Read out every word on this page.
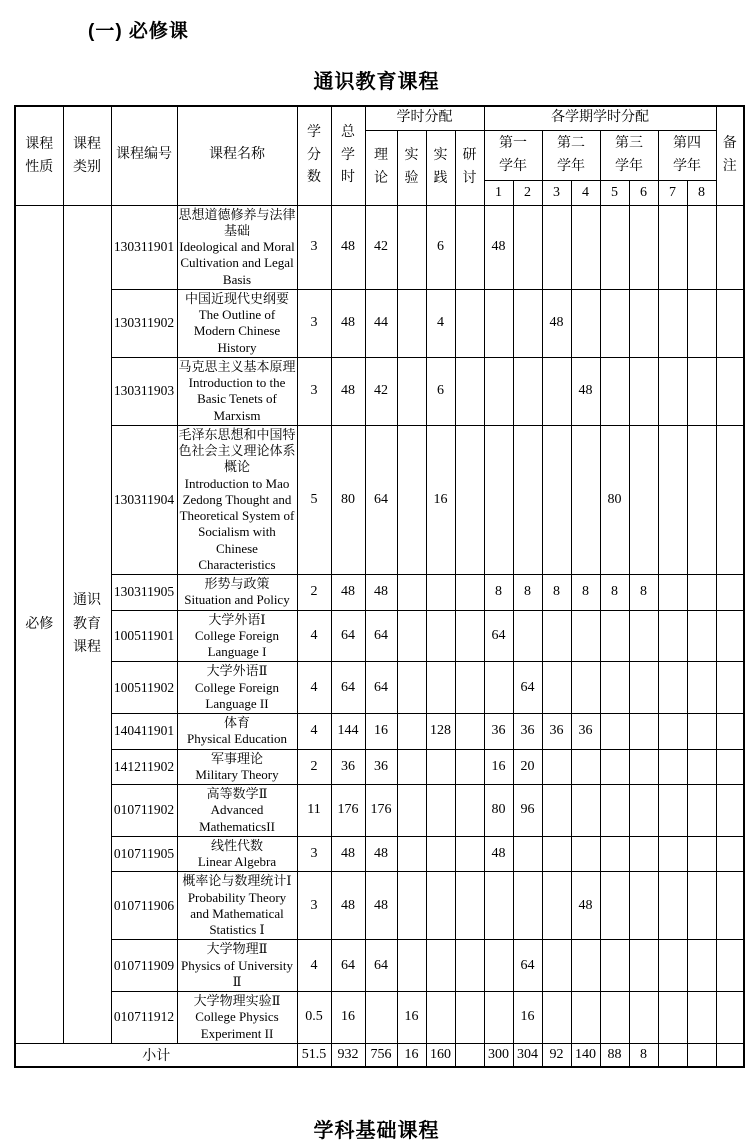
(一) 必修课
通识教育课程
课程性质	课程类别	课程编号	课程名称	学分数	总学时	学时分配				各学期学时分配								备注
						理论	实验	实践	研讨	第一学年		第二学年		第三学年		第四学年		
										1	2	3	4	5	6	7	8	
必修	通识教育课程	130311901	思想道德修养与法律基础
Ideological and Moral Cultivation and Legal Basis	3	48	42		6		48								
		130311902	中国近现代史纲要
The Outline of Modern Chinese History	3	48	44		4				48						
		130311903	马克思主义基本原理
Introduction to the Basic Tenets of Marxism	3	48	42		6					48					
		130311904	毛泽东思想和中国特色社会主义理论体系概论
Introduction to Mao Zedong Thought and Theoretical System of Socialism with Chinese Characteristics	5	80	64		16						80				
		130311905	形势与政策
Situation and Policy	2	48	48				8	8	8	8	8	8			
		100511901	大学外语Ⅰ
College Foreign Language I	4	64	64				64								
		100511902	大学外语Ⅱ
College Foreign Language II	4	64	64					64							
		140411901	体育
Physical Education	4	144	16		128		36	36	36	36					
		141211902	军事理论
Military Theory	2	36	36				16	20							
		010711902	高等数学Ⅱ
Advanced MathematicsII	11	176	176				80	96							
		010711905	线性代数
Linear Algebra	3	48	48				48								
		010711906	概率论与数理统计Ⅰ
Probability Theory and Mathematical Statistics Ⅰ	3	48	48							48					
		010711909	大学物理Ⅱ
Physics of University Ⅱ	4	64	64					64							
		010711912	大学物理实验Ⅱ
College Physics Experiment II	0.5	16		16				16							
小计				51.5	932	756	16	160		300	304	92	140	88	8			
学科基础课程
